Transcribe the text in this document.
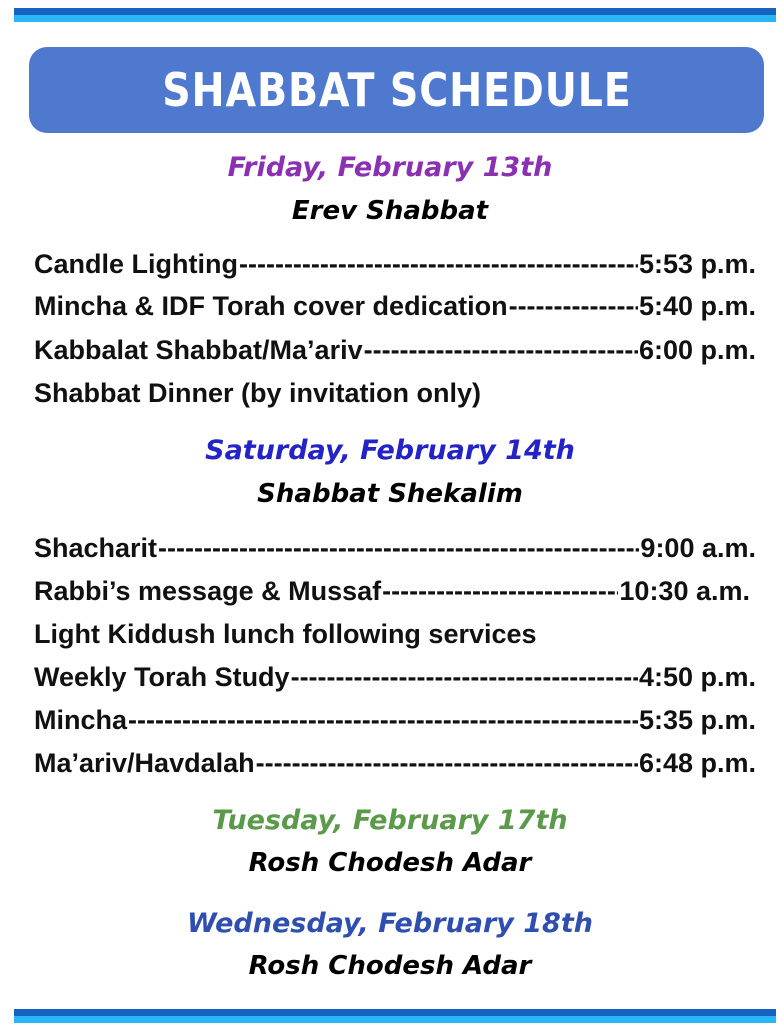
SHABBAT SCHEDULE
Friday, February 13th
Erev Shabbat
Candle Lighting -----	5:53 p.m.
Mincha & IDF Torah cover dedication -----	5:40 p.m.
Kabbalat Shabbat/Ma’ariv -----	6:00 p.m.
Shabbat Dinner (by invitation only)
Saturday, February 14th
Shabbat Shekalim
Shacharit -----	9:00 a.m.
Rabbi’s message & Mussaf -----	10:30 a.m.
Light Kiddush lunch following services
Weekly Torah Study -----	4:50 p.m.
Mincha -----	5:35 p.m.
Ma’ariv/Havdalah -----	6:48 p.m.
Tuesday, February 17th
Rosh Chodesh Adar
Wednesday, February 18th
Rosh Chodesh Adar
